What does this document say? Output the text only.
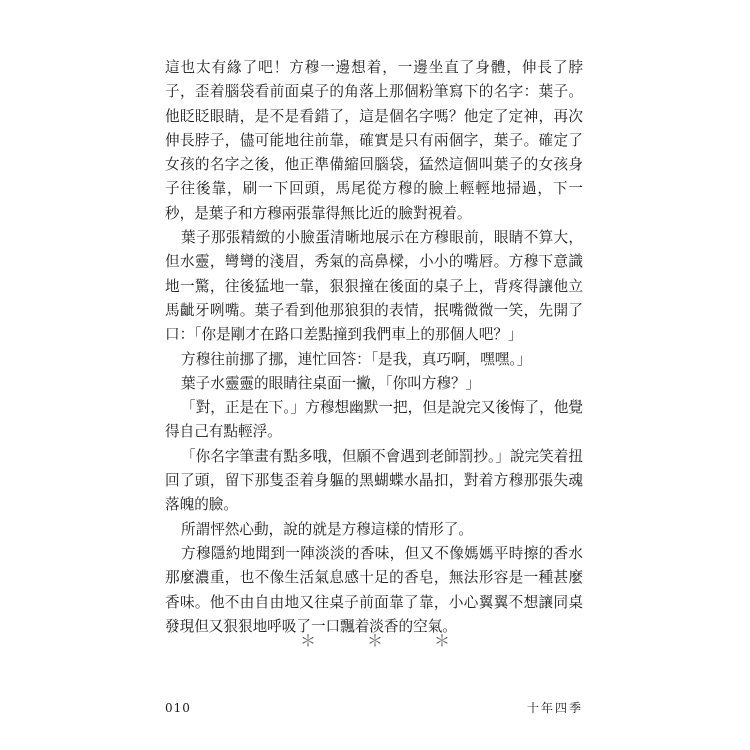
這也太有緣了吧！方穆一邊想着，一邊坐直了身體，伸長了脖子，歪着腦袋看前面桌子的角落上那個粉筆寫下的名字：葉子。他眨眨眼睛，是不是看錯了，這是個名字嗎？他定了定神，再次伸長脖子，儘可能地往前靠，確實是只有兩個字，葉子。確定了女孩的名字之後，他正準備縮回腦袋，猛然這個叫葉子的女孩身子往後靠，刷一下回頭，馬尾從方穆的臉上輕輕地掃過，下一秒，是葉子和方穆兩張靠得無比近的臉對視着。

葉子那張精緻的小臉蛋清晰地展示在方穆眼前，眼睛不算大，但水靈，彎彎的淺眉，秀氣的高鼻樑，小小的嘴唇。方穆下意識地一驚，往後猛地一靠，狠狠撞在後面的桌子上，背疼得讓他立馬齜牙咧嘴。葉子看到他那狼狽的表情，抿嘴微微一笑，先開了口：「你是剛才在路口差點撞到我們車上的那個人吧？」

方穆往前挪了挪，連忙回答：「是我，真巧啊，嘿嘿。」

葉子水靈靈的眼睛往桌面一撇，「你叫方穆？」

「對，正是在下。」方穆想幽默一把，但是說完又後悔了，他覺得自己有點輕浮。

「你名字筆畫有點多哦，但願不會遇到老師罰抄。」說完笑着扭回了頭，留下那隻歪着身軀的黑蝴蝶水晶扣，對着方穆那張失魂落魄的臉。

所謂怦然心動，說的就是方穆這樣的情形了。

方穆隱約地聞到一陣淡淡的香味，但又不像媽媽平時擦的香水那麼濃重，也不像生活氣息感十足的香皂，無法形容是一種甚麼香味。他不由自由地又往桌子前面靠了靠，小心翼翼不想讓同桌發現但又狠狠地呼吸了一口飄着淡香的空氣。

＊	＊	＊
010	十年四季
